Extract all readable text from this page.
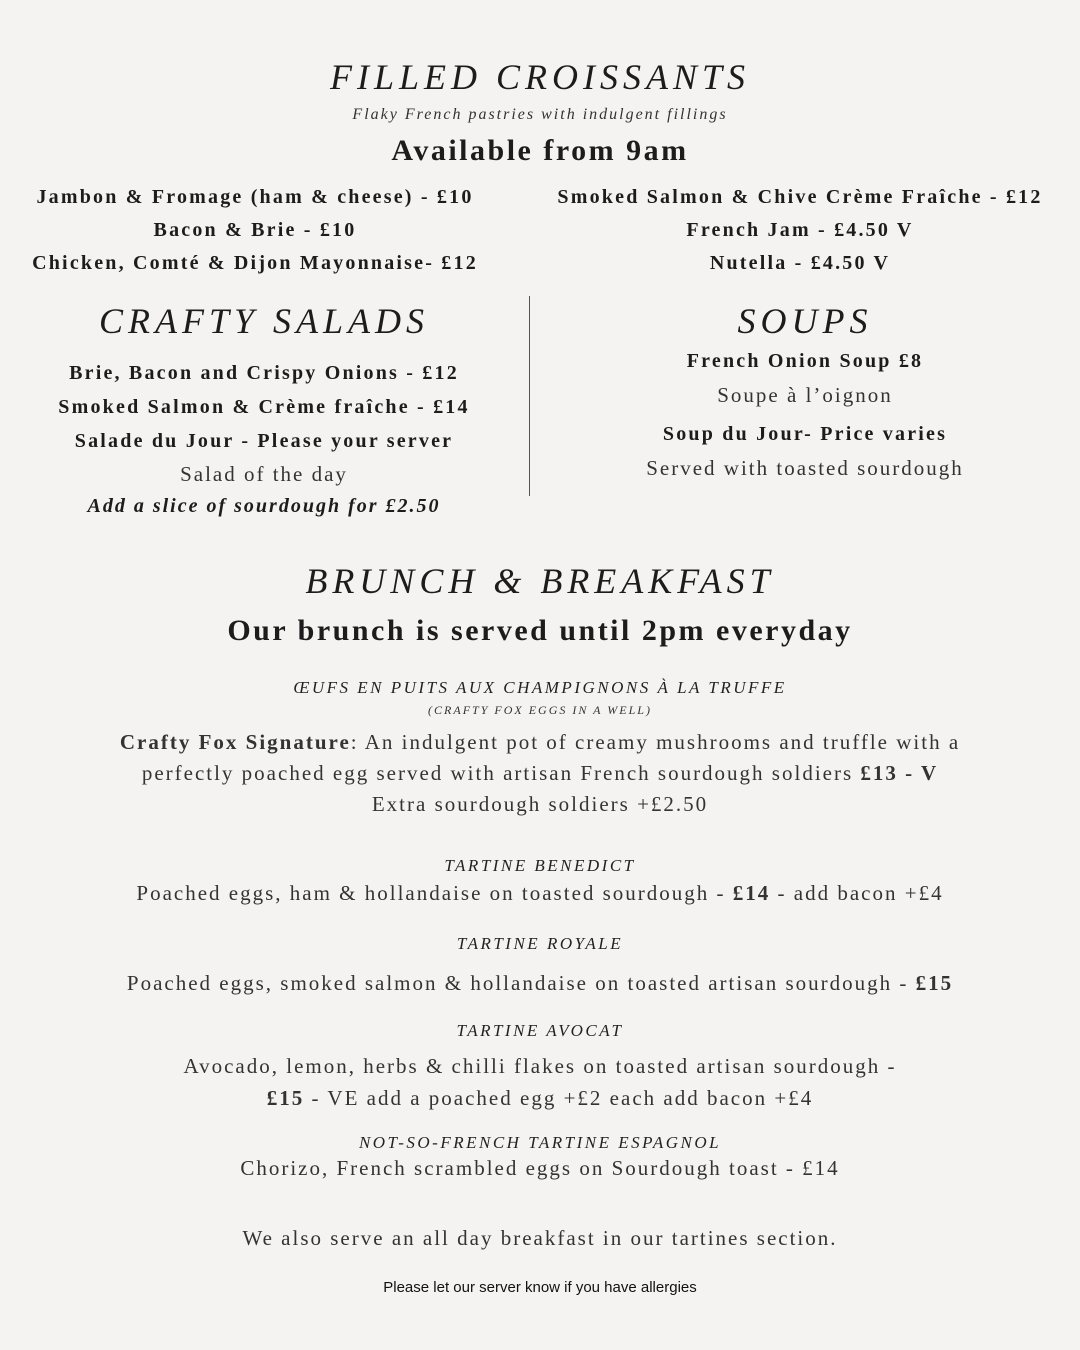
FILLED CROISSANTS
Flaky French pastries with indulgent fillings
Available from 9am
Jambon & Fromage (ham & cheese) - £10
Bacon & Brie - £10
Chicken, Comté & Dijon Mayonnaise- £12
Smoked Salmon & Chive Crème Fraîche - £12
French Jam - £4.50 V
Nutella - £4.50 V
CRAFTY SALADS
Brie, Bacon and Crispy Onions - £12
Smoked Salmon & Crème fraîche - £14
Salade du Jour - Please your server
Salad of the day
Add a slice of sourdough for £2.50
SOUPS
French Onion Soup £8
Soupe à l’oignon
Soup du Jour- Price varies
Served with toasted sourdough
BRUNCH & BREAKFAST
Our brunch is served until 2pm everyday
ŒUFS EN PUITS AUX CHAMPIGNONS À LA TRUFFE
(CRAFTY FOX EGGS IN A WELL)
Crafty Fox Signature: An indulgent pot of creamy mushrooms and truffle with a
perfectly poached egg served with artisan French sourdough soldiers £13 - V
Extra sourdough soldiers +£2.50
TARTINE BENEDICT
Poached eggs, ham & hollandaise on toasted sourdough - £14 - add bacon +£4
TARTINE ROYALE
Poached eggs, smoked salmon & hollandaise on toasted artisan sourdough - £15
TARTINE AVOCAT
Avocado, lemon, herbs & chilli flakes on toasted artisan sourdough -
£15 - VE add a poached egg +£2 each add bacon +£4
NOT-SO-FRENCH TARTINE ESPAGNOL
Chorizo, French scrambled eggs on Sourdough toast - £14
We also serve an all day breakfast in our tartines section.
Please let our server know if you have allergies
